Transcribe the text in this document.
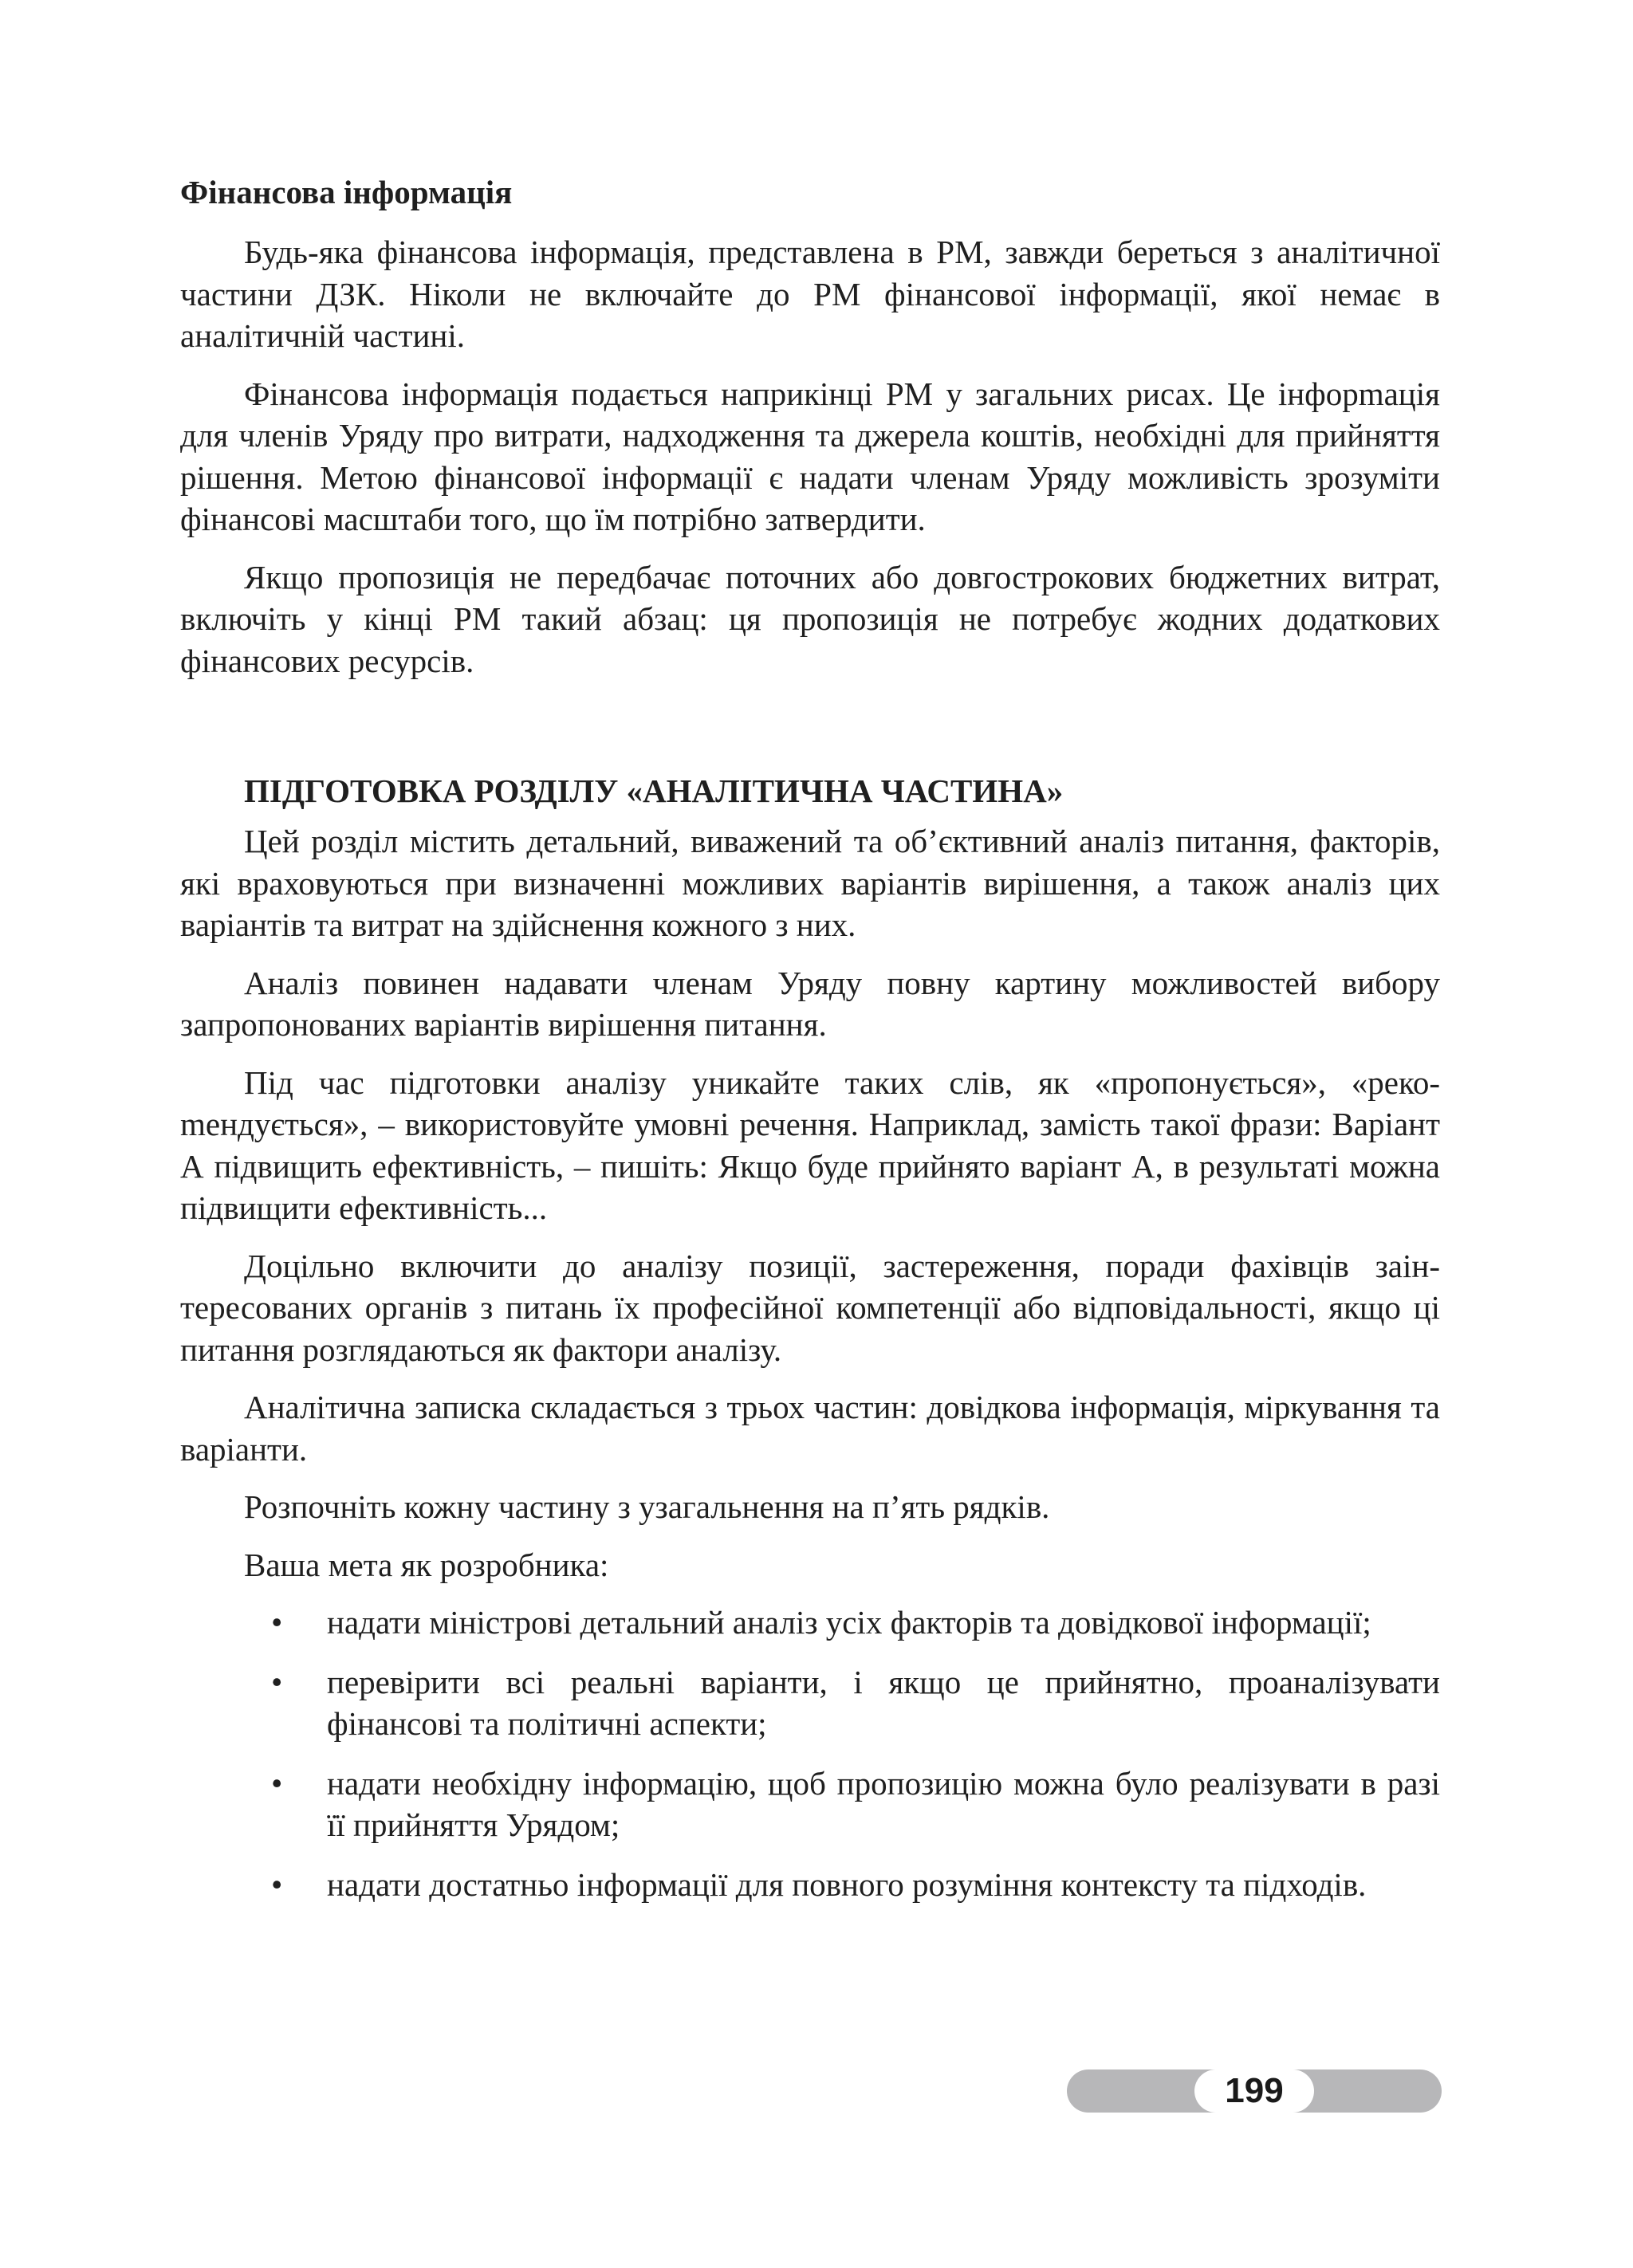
Фінансова інформація

Будь-яка фінансова інформація, представлена в РМ, завжди береться з аналітичної частини ДЗК. Ніколи не включайте до РМ фінансової інформації, якої немає в аналітичній частині.

Фінансова інформація подається наприкінці РМ у загальних рисах. Це інфорmація для членів Уряду про витрати, надходження та джерела коштів, необхідні для прийняття рішення. Метою фінансової інформації є надати членам Уряду можливість зрозуміти фінансові масштаби того, що їм потрібно затвердити.

Якщо пропозиція не передбачає поточних або довгострокових бюджетних витрат, включіть у кінці РМ такий абзац: ця пропозиція не потребує жодних додаткових фінансових ресурсів.

ПІДГОТОВКА РОЗДІЛУ «АНАЛІТИЧНА ЧАСТИНА»

Цей розділ містить детальний, виважений та об’єктивний аналіз питання, факторів, які враховуються при визначенні можливих варіантів вирішення, а також аналіз цих варіантів та витрат на здійснення кожного з них.

Аналіз повинен надавати членам Уряду повну картину можливостей вибору запропонованих варіантів вирішення питання.

Під час підготовки аналізу уникайте таких слів, як «пропонується», «рекоmендується», – використовуйте умовні речення. Наприклад, замість такої фрази: Варіант А підвищить ефективність, – пишіть: Якщо буде прийнято варіант А, в результаті можна підвищити ефективність...

Доцільно включити до аналізу позиції, застереження, поради фахівців заінтересованих органів з питань їх професійної компетенції або відповідальності, якщо ці питання розглядаються як фактори аналізу.

Аналітична записка складається з трьох частин: довідкова інформація, міркування та варіанти.

Розпочніть кожну частину з узагальнення на п’ять рядків.

Ваша мета як розробника:

• надати міністрові детальний аналіз усіх факторів та довідкової інформації;
• перевірити всі реальні варіанти, і якщо це прийнятно, проаналізувати фінансові та політичні аспекти;
• надати необхідну інформацію, щоб пропозицію можна було реалізувати в разі її прийняття Урядом;
• надати достатньо інформації для повного розуміння контексту та підходів.
199
